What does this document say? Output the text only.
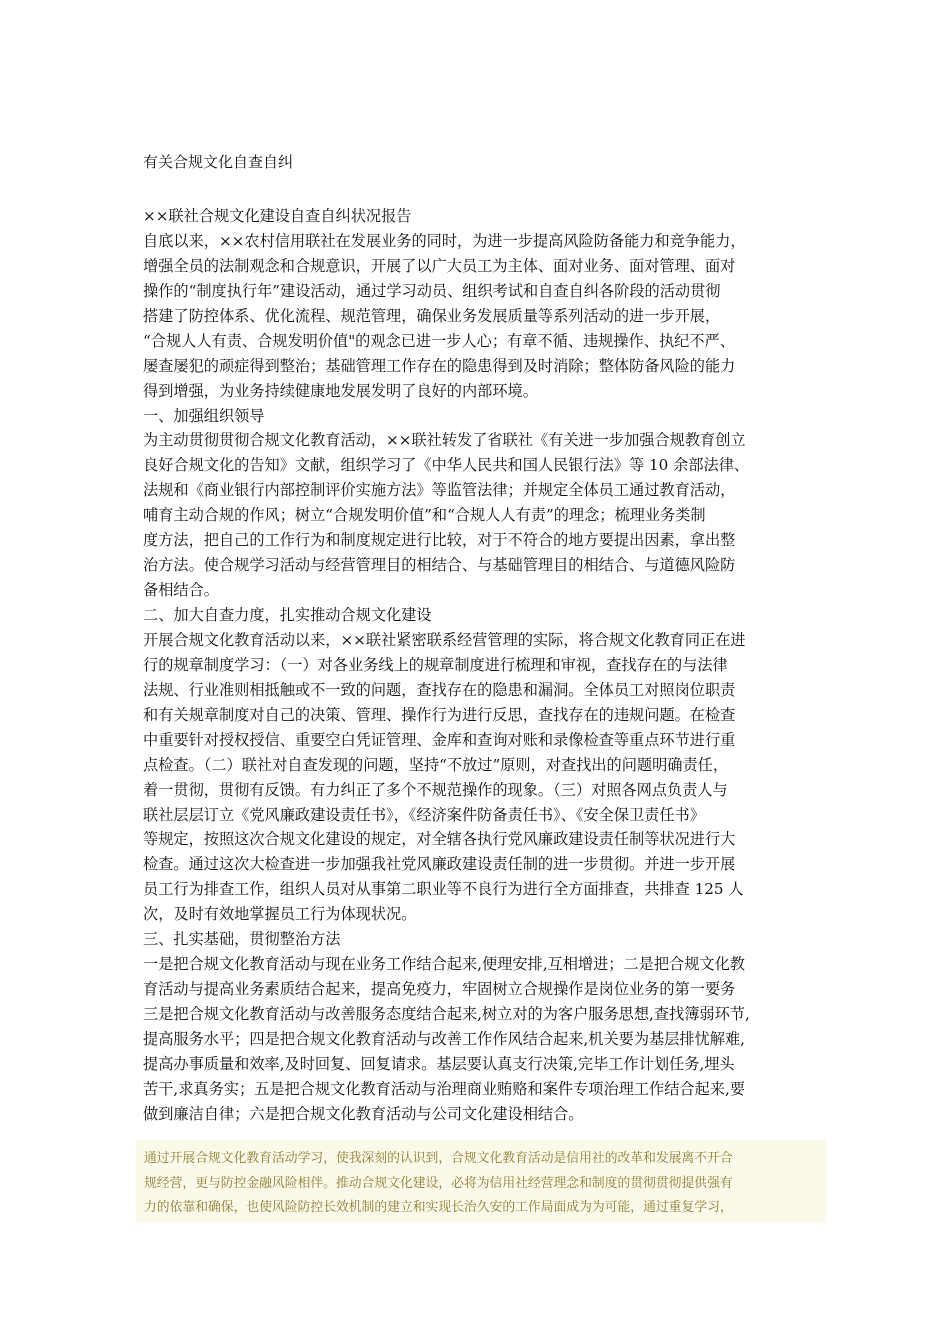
有关合规文化自查自纠
××联社合规文化建设自查自纠状况报告
自底以来，××农村信用联社在发展业务的同时，为进一步提高风险防备能力和竞争能力，
增强全员的法制观念和合规意识，开展了以广大员工为主体、面对业务、面对管理、面对
操作的“制度执行年”建设活动，通过学习动员、组织考试和自查自纠各阶段的活动贯彻
搭建了防控体系、优化流程、规范管理，确保业务发展质量等系列活动的进一步开展，
“合规人人有责、合规发明价值"的观念已进一步人心；有章不循、违规操作、执纪不严、
屡查屡犯的顽症得到整治；基础管理工作存在的隐患得到及时消除；整体防备风险的能力
得到增强，为业务持续健康地发展发明了良好的内部环境。
一、加强组织领导
为主动贯彻贯彻合规文化教育活动，××联社转发了省联社《有关进一步加强合规教育创立
良好合规文化的告知》文献，组织学习了《中华人民共和国人民银行法》等 10 余部法律、
法规和《商业银行内部控制评价实施方法》等监管法律；并规定全体员工通过教育活动，
哺育主动合规的作风；树立“合规发明价值”和“合规人人有责”的理念；梳理业务类制
度方法，把自己的工作行为和制度规定进行比较，对于不符合的地方要提出因素，拿出整
治方法。使合规学习活动与经营管理目的相结合、与基础管理目的相结合、与道德风险防
备相结合。
二、加大自查力度，扎实推动合规文化建设
开展合规文化教育活动以来，××联社紧密联系经营管理的实际，将合规文化教育同正在进
行的规章制度学习：（一）对各业务线上的规章制度进行梳理和审视，查找存在的与法律
法规、行业准则相抵触或不一致的问题，查找存在的隐患和漏洞。全体员工对照岗位职责
和有关规章制度对自己的决策、管理、操作行为进行反思，查找存在的违规问题。在检查
中重要针对授权授信、重要空白凭证管理、金库和查询对账和录像检查等重点环节进行重
点检查。（二）联社对自查发现的问题，坚持“不放过”原则，对查找出的问题明确责任，
着一贯彻，贯彻有反馈。有力纠正了多个不规范操作的现象。（三）对照各网点负责人与
联社层层订立《党风廉政建设责任书》，《经济案件防备责任书》、《安全保卫责任书》
等规定，按照这次合规文化建设的规定，对全辖各执行党风廉政建设责任制等状况进行大
检查。通过这次大检查进一步加强我社党风廉政建设责任制的进一步贯彻。并进一步开展
员工行为排查工作，组织人员对从事第二职业等不良行为进行全方面排查，共排查 125 人
次，及时有效地掌握员工行为体现状况。
三、扎实基础，贯彻整治方法
一是把合规文化教育活动与现在业务工作结合起来,便理安排,互相增进；二是把合规文化教
育活动与提高业务素质结合起来，提高免疫力，牢固树立合规操作是岗位业务的第一要务
三是把合规文化教育活动与改善服务态度结合起来,树立对的为客户服务思想,查找簿弱环节,
提高服务水平；四是把合规文化教育活动与改善工作作风结合起来,机关要为基层排忧解难,
提高办事质量和效率,及时回复、回复请求。基层要认真支行决策,完毕工作计划任务,埋头
苦干,求真务实；五是把合规文化教育活动与治理商业贿赂和案件专项治理工作结合起来,要
做到廉洁自律；六是把合规文化教育活动与公司文化建设相结合。
通过开展合规文化教育活动学习，使我深刻的认识到，合规文化教育活动是信用社的改革和发展离不开合
规经营，更与防控金融风险相伴。推动合规文化建设，必将为信用社经营理念和制度的贯彻贯彻提供强有
力的依靠和确保，也使风险防控长效机制的建立和实现长治久安的工作局面成为为可能，通过重复学习，
